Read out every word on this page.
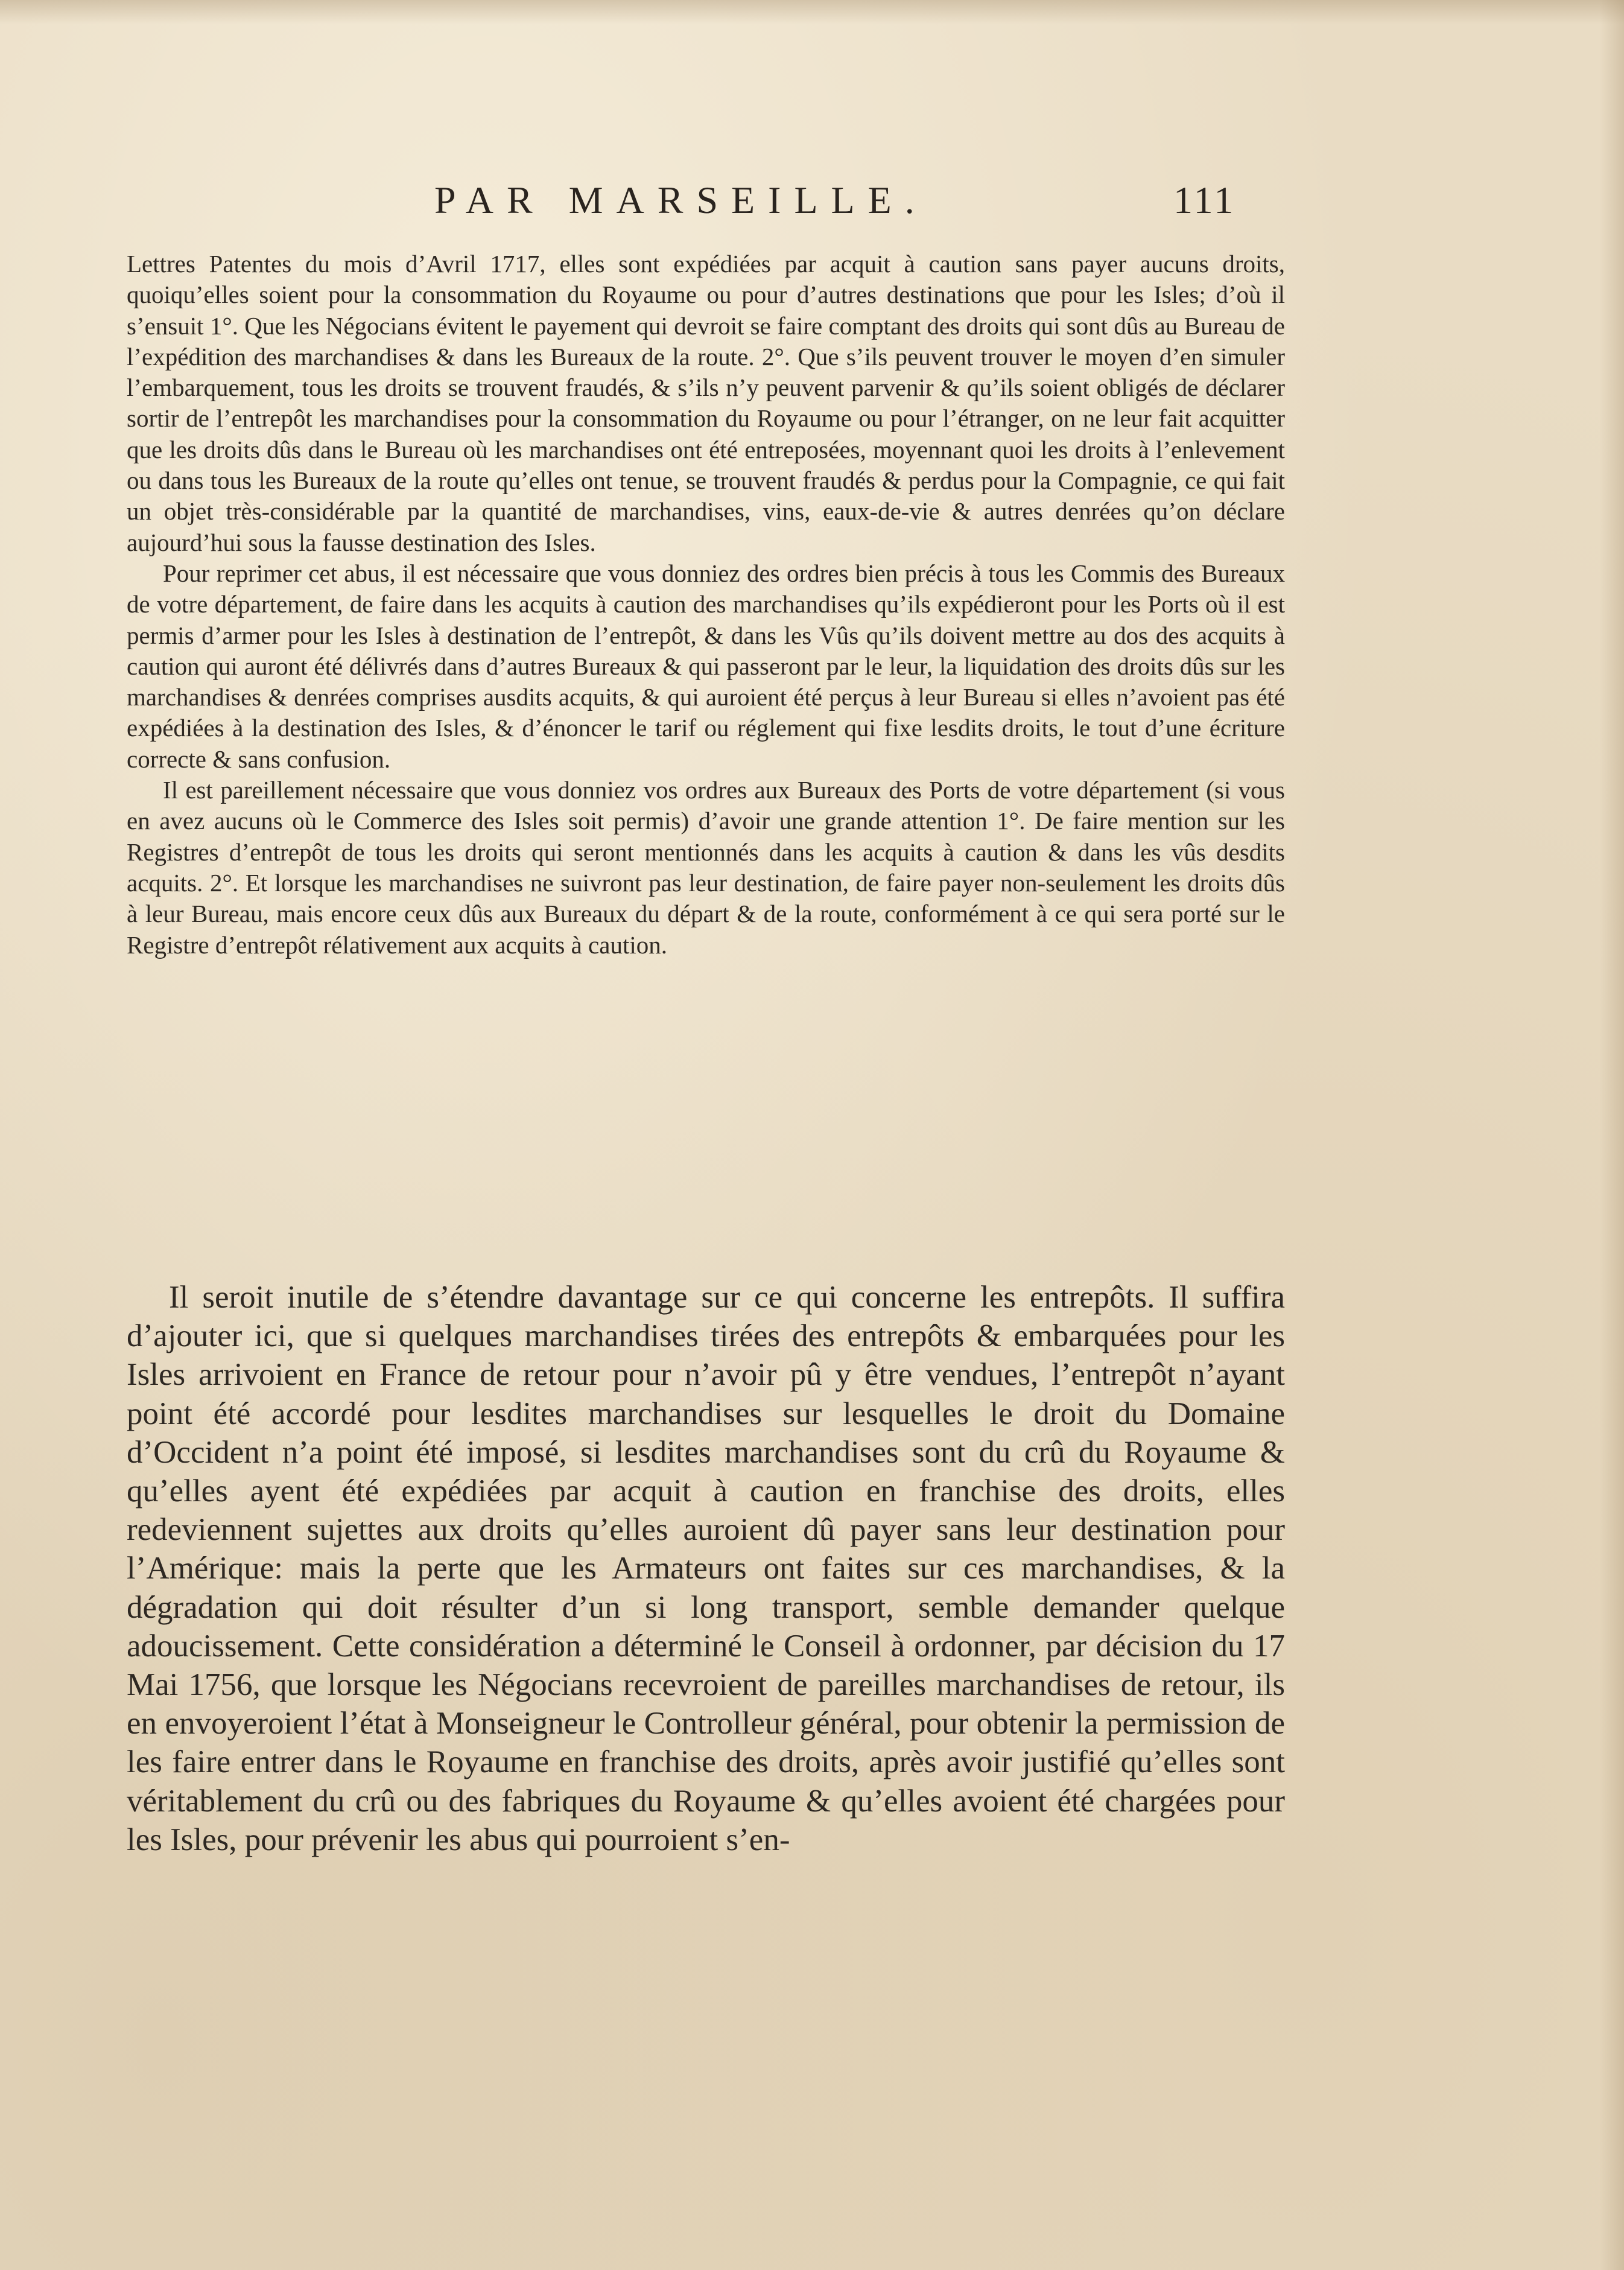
PAR MARSEILLE.	111

Lettres Patentes du mois d’Avril 1717, elles sont expédiées par acquit à caution sans payer aucuns droits, quoiqu’elles soient pour la consommation du Royaume ou pour d’autres destinations que pour les Isles; d’où il s’ensuit 1°. Que les Négocians évitent le payement qui devroit se faire comptant des droits qui sont dûs au Bureau de l’expédition des marchandises & dans les Bureaux de la route. 2°. Que s’ils peuvent trouver le moyen d’en simuler l’embarquement, tous les droits se trouvent fraudés, & s’ils n’y peuvent parvenir & qu’ils soient obligés de déclarer sortir de l’entrepôt les marchandises pour la consommation du Royaume ou pour l’étranger, on ne leur fait acquitter que les droits dûs dans le Bureau où les marchandises ont été entreposées, moyennant quoi les droits à l’enlevement ou dans tous les Bureaux de la route qu’elles ont tenue, se trouvent fraudés & perdus pour la Compagnie, ce qui fait un objet très-considérable par la quantité de marchandises, vins, eaux-de-vie & autres denrées qu’on déclare aujourd’hui sous la fausse destination des Isles.

Pour reprimer cet abus, il est nécessaire que vous donniez des ordres bien précis à tous les Commis des Bureaux de votre département, de faire dans les acquits à caution des marchandises qu’ils expédieront pour les Ports où il est permis d’armer pour les Isles à destination de l’entrepôt, & dans les Vûs qu’ils doivent mettre au dos des acquits à caution qui auront été délivrés dans d’autres Bureaux & qui passeront par le leur, la liquidation des droits dûs sur les marchandises & denrées comprises ausdits acquits, & qui auroient été perçus à leur Bureau si elles n’avoient pas été expédiées à la destination des Isles, & d’énoncer le tarif ou réglement qui fixe lesdits droits, le tout d’une écriture correcte & sans confusion.

Il est pareillement nécessaire que vous donniez vos ordres aux Bureaux des Ports de votre département (si vous en avez aucuns où le Commerce des Isles soit permis) d’avoir une grande attention 1°. De faire mention sur les Registres d’entrepôt de tous les droits qui seront mentionnés dans les acquits à caution & dans les vûs desdits acquits. 2°. Et lorsque les marchandises ne suivront pas leur destination, de faire payer non-seulement les droits dûs à leur Bureau, mais encore ceux dûs aux Bureaux du départ & de la route, conformément à ce qui sera porté sur le Registre d’entrepôt rélativement aux acquits à caution.

Il seroit inutile de s’étendre davantage sur ce qui concerne les entrepôts. Il suffira d’ajouter ici, que si quelques marchandises tirées des entrepôts & embarquées pour les Isles arrivoient en France de retour pour n’avoir pû y être vendues, l’entrepôt n’ayant point été accordé pour lesdites marchandises sur lesquelles le droit du Domaine d’Occident n’a point été imposé, si lesdites marchandises sont du crû du Royaume & qu’elles ayent été expédiées par acquit à caution en franchise des droits, elles redeviennent sujettes aux droits qu’elles auroient dû payer sans leur destination pour l’Amérique: mais la perte que les Armateurs ont faites sur ces marchandises, & la dégradation qui doit résulter d’un si long transport, semble demander quelque adoucissement. Cette considération a déterminé le Conseil à ordonner, par décision du 17 Mai 1756, que lorsque les Négocians recevroient de pareilles marchandises de retour, ils en envoyeroient l’état à Monseigneur le Controlleur général, pour obtenir la permission de les faire entrer dans le Royaume en franchise des droits, après avoir justifié qu’elles sont véritablement du crû ou des fabriques du Royaume & qu’elles avoient été chargées pour les Isles, pour prévenir les abus qui pourroient s’en-
